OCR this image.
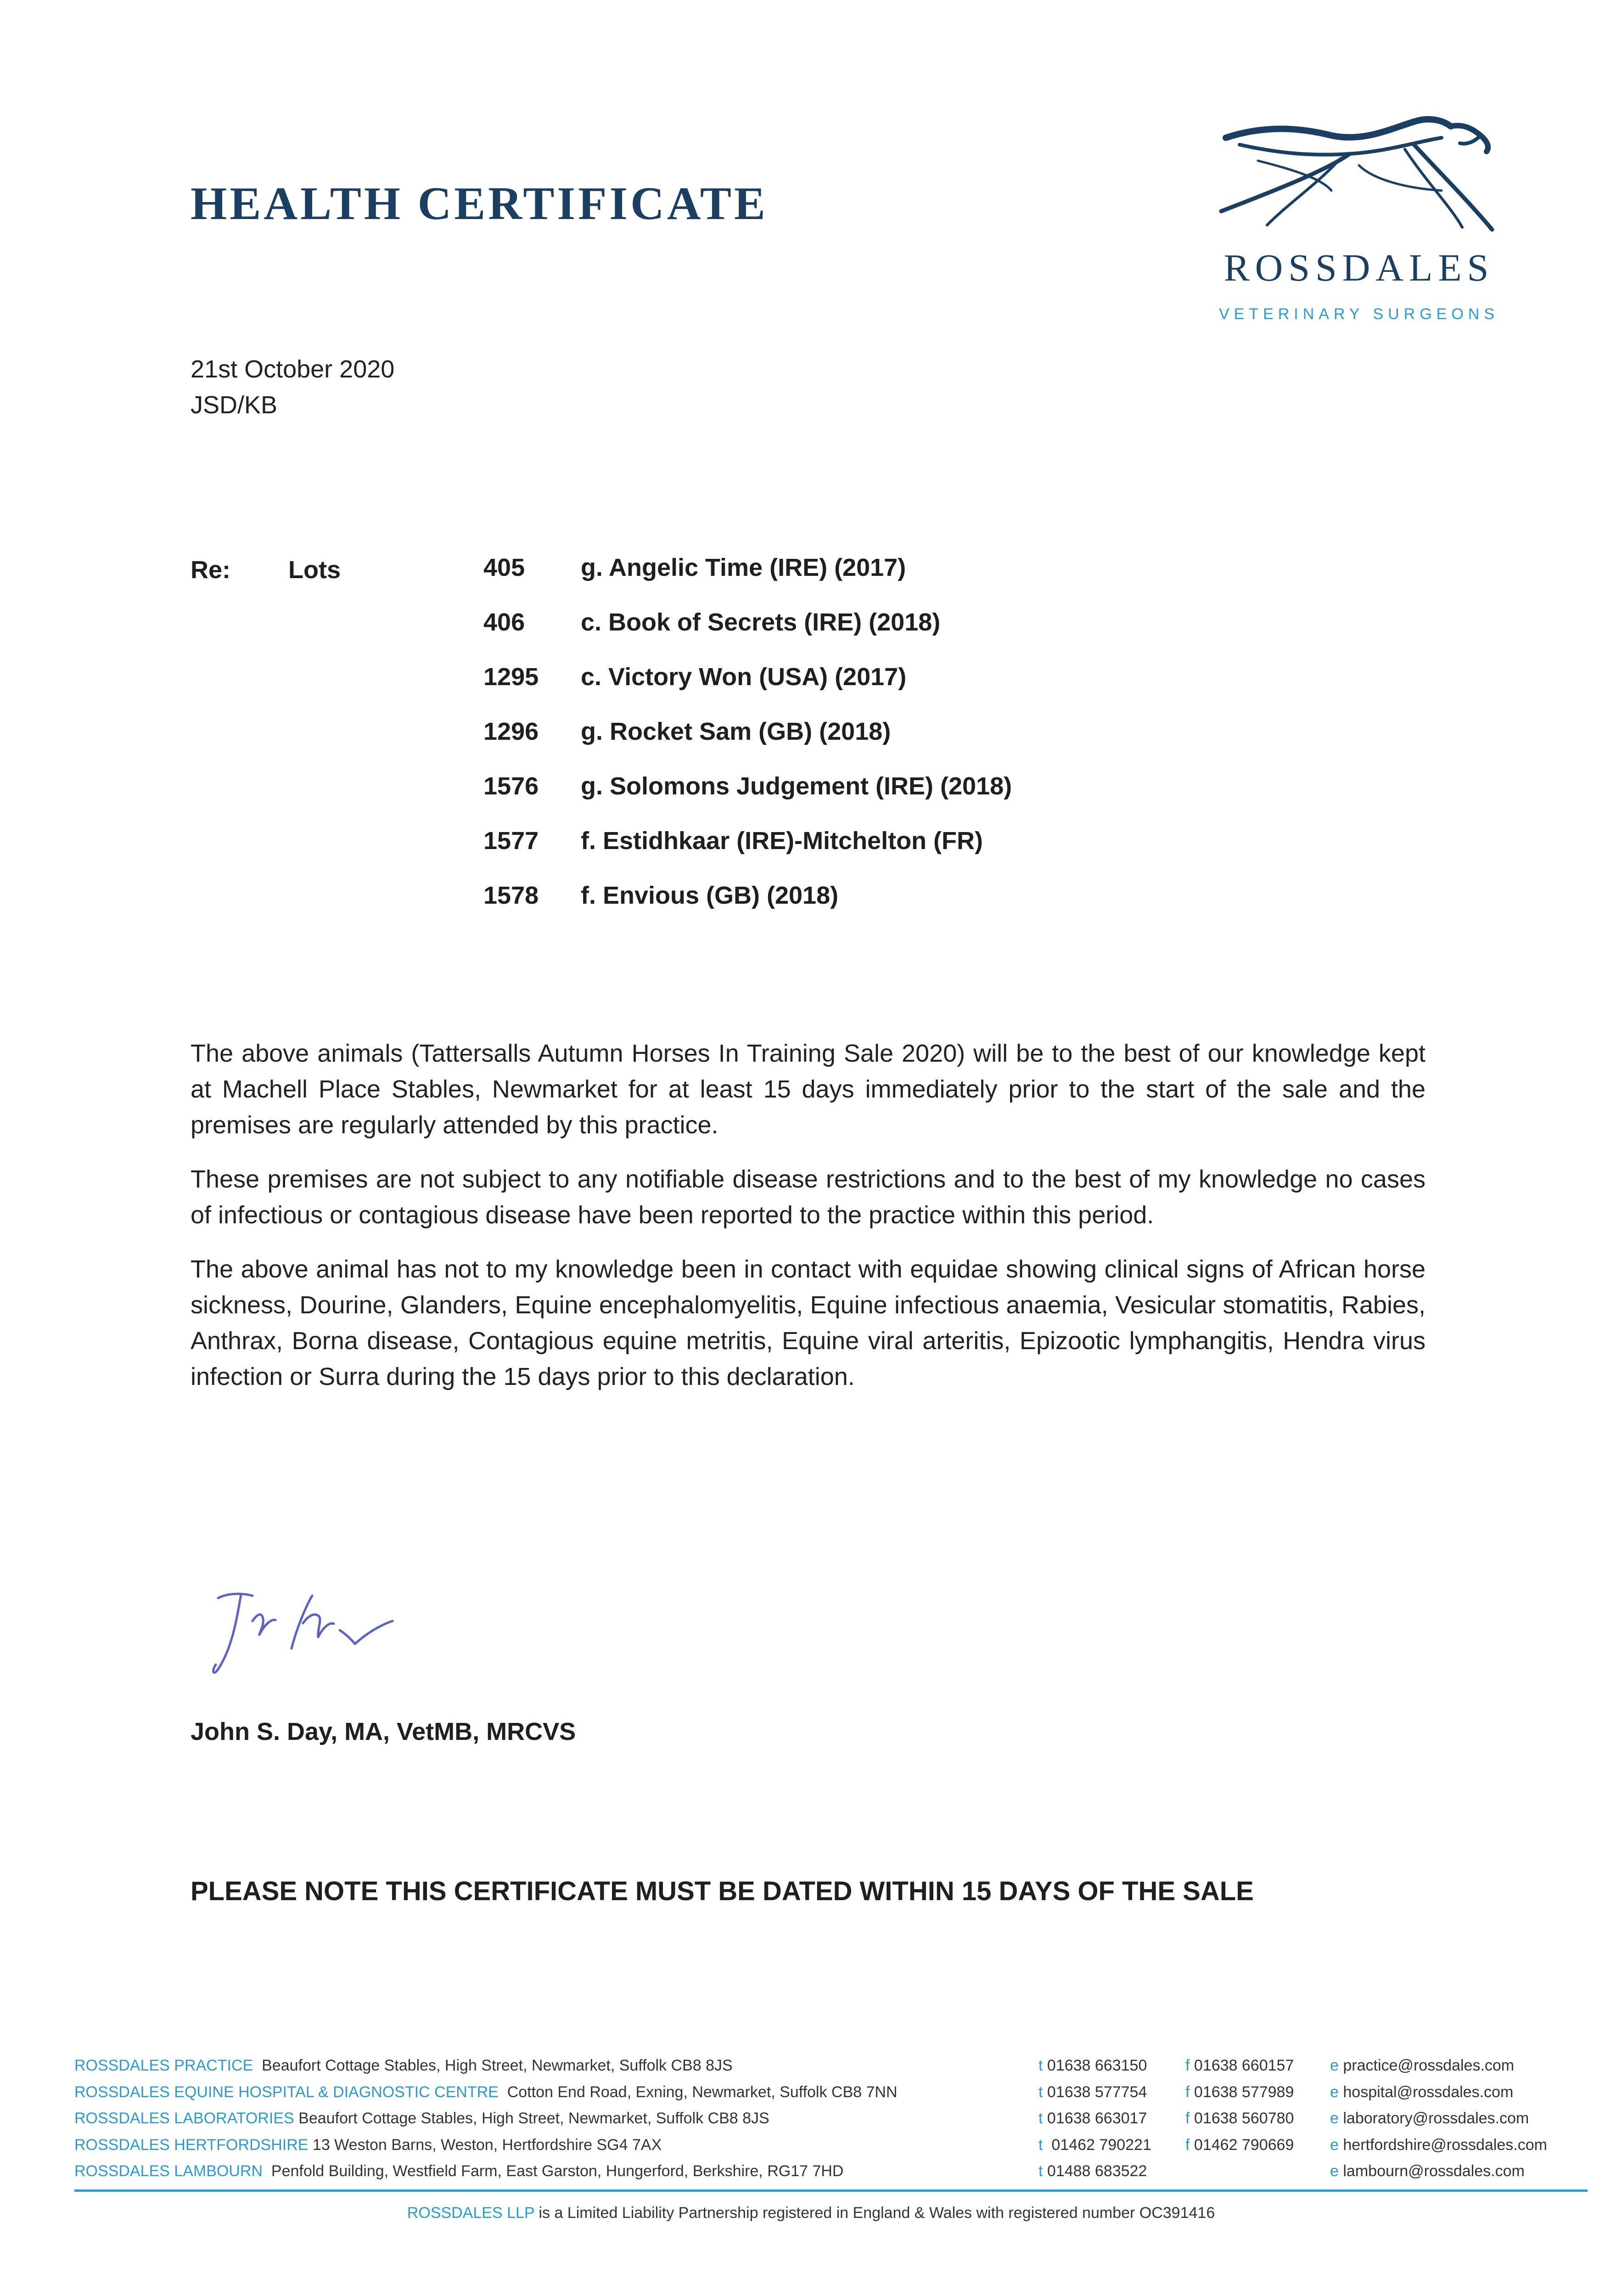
HEALTH CERTIFICATE
ROSSDALES
VETERINARY SURGEONS
21st October 2020
JSD/KB
Re: Lots	405	g. Angelic Time (IRE) (2017)
406	c. Book of Secrets (IRE) (2018)
1295	c. Victory Won (USA) (2017)
1296	g. Rocket Sam (GB) (2018)
1576	g. Solomons Judgement (IRE) (2018)
1577	f. Estidhkaar (IRE)-Mitchelton (FR)
1578	f. Envious (GB) (2018)

The above animals (Tattersalls Autumn Horses In Training Sale 2020) will be to the best of our knowledge kept at Machell Place Stables, Newmarket for at least 15 days immediately prior to the start of the sale and the premises are regularly attended by this practice.

These premises are not subject to any notifiable disease restrictions and to the best of my knowledge no cases of infectious or contagious disease have been reported to the practice within this period.

The above animal has not to my knowledge been in contact with equidae showing clinical signs of African horse sickness, Dourine, Glanders, Equine encephalomyelitis, Equine infectious anaemia, Vesicular stomatitis, Rabies, Anthrax, Borna disease, Contagious equine metritis, Equine viral arteritis, Epizootic lymphangitis, Hendra virus infection or Surra during the 15 days prior to this declaration.

John S. Day, MA, VetMB, MRCVS
PLEASE NOTE THIS CERTIFICATE MUST BE DATED WITHIN 15 DAYS OF THE SALE
ROSSDALES PRACTICE Beaufort Cottage Stables, High Street, Newmarket, Suffolk CB8 8JS	t 01638 663150	f 01638 660157	e practice@rossdales.com
ROSSDALES EQUINE HOSPITAL & DIAGNOSTIC CENTRE Cotton End Road, Exning, Newmarket, Suffolk CB8 7NN	t 01638 577754	f 01638 577989	e hospital@rossdales.com
ROSSDALES LABORATORIES Beaufort Cottage Stables, High Street, Newmarket, Suffolk CB8 8JS	t 01638 663017	f 01638 560780	e laboratory@rossdales.com
ROSSDALES HERTFORDSHIRE 13 Weston Barns, Weston, Hertfordshire SG4 7AX	t 01462 790221	f 01462 790669	e hertfordshire@rossdales.com
ROSSDALES LAMBOURN Penfold Building, Westfield Farm, East Garston, Hungerford, Berkshire, RG17 7HD	t 01488 683522	e lambourn@rossdales.com
ROSSDALES LLP is a Limited Liability Partnership registered in England & Wales with registered number OC391416
